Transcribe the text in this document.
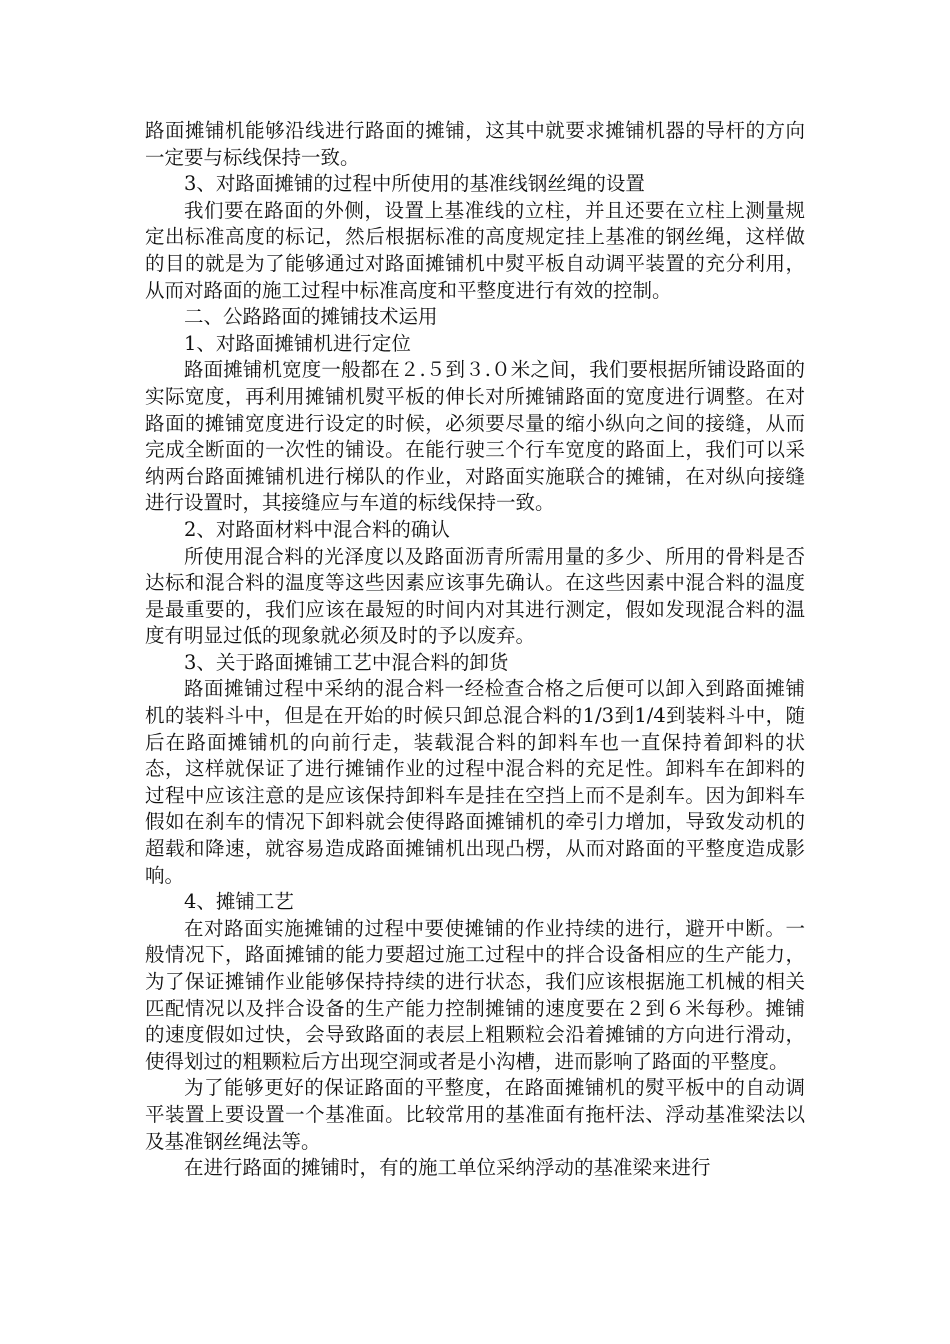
路面摊铺机能够沿线进行路面的摊铺，这其中就要求摊铺机器的导杆的方向一定要与标线保持一致。

3、对路面摊铺的过程中所使用的基准线钢丝绳的设置

我们要在路面的外侧，设置上基准线的立柱，并且还要在立柱上测量规定出标准高度的标记，然后根据标准的高度规定挂上基准的钢丝绳，这样做的目的就是为了能够通过对路面摊铺机中熨平板自动调平装置的充分利用，从而对路面的施工过程中标准高度和平整度进行有效的控制。

二、公路路面的摊铺技术运用

1、对路面摊铺机进行定位

路面摊铺机宽度一般都在２.５到３.０米之间，我们要根据所铺设路面的实际宽度，再利用摊铺机熨平板的伸长对所摊铺路面的宽度进行调整。在对路面的摊铺宽度进行设定的时候，必须要尽量的缩小纵向之间的接缝，从而完成全断面的一次性的铺设。在能行驶三个行车宽度的路面上，我们可以采纳两台路面摊铺机进行梯队的作业，对路面实施联合的摊铺，在对纵向接缝进行设置时，其接缝应与车道的标线保持一致。

2、对路面材料中混合料的确认

所使用混合料的光泽度以及路面沥青所需用量的多少、所用的骨料是否达标和混合料的温度等这些因素应该事先确认。在这些因素中混合料的温度是最重要的，我们应该在最短的时间内对其进行测定，假如发现混合料的温度有明显过低的现象就必须及时的予以废弃。

3、关于路面摊铺工艺中混合料的卸货

路面摊铺过程中采纳的混合料一经检查合格之后便可以卸入到路面摊铺机的装料斗中，但是在开始的时候只卸总混合料的1/3到1/4到装料斗中，随后在路面摊铺机的向前行走，装载混合料的卸料车也一直保持着卸料的状态，这样就保证了进行摊铺作业的过程中混合料的充足性。卸料车在卸料的过程中应该注意的是应该保持卸料车是挂在空挡上而不是刹车。因为卸料车假如在刹车的情况下卸料就会使得路面摊铺机的牵引力增加，导致发动机的超载和降速，就容易造成路面摊铺机出现凸楞，从而对路面的平整度造成影响。

4、摊铺工艺

在对路面实施摊铺的过程中要使摊铺的作业持续的进行，避开中断。一般情况下，路面摊铺的能力要超过施工过程中的拌合设备相应的生产能力，为了保证摊铺作业能够保持持续的进行状态，我们应该根据施工机械的相关匹配情况以及拌合设备的生产能力控制摊铺的速度要在２到６米每秒。摊铺的速度假如过快，会导致路面的表层上粗颗粒会沿着摊铺的方向进行滑动，使得划过的粗颗粒后方出现空洞或者是小沟槽，进而影响了路面的平整度。

为了能够更好的保证路面的平整度，在路面摊铺机的熨平板中的自动调平装置上要设置一个基准面。比较常用的基准面有拖杆法、浮动基准梁法以及基准钢丝绳法等。

在进行路面的摊铺时，有的施工单位采纳浮动的基准梁来进行
